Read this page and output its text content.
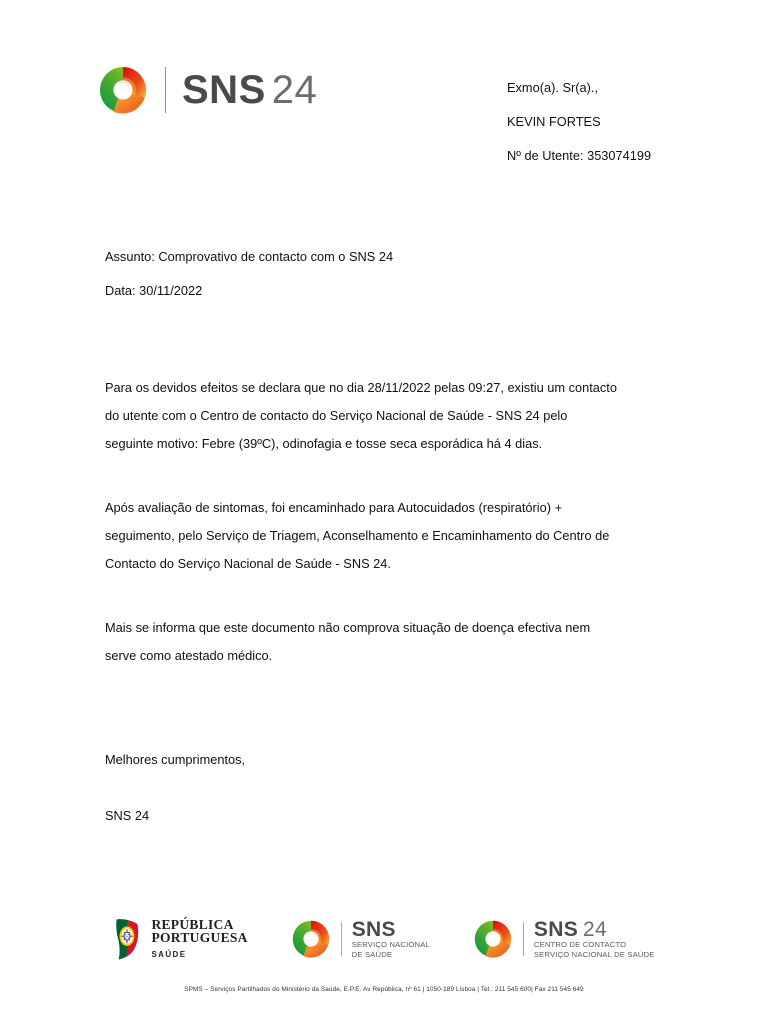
SNS 24	Exmo(a). Sr(a).,
KEVIN FORTES
Nº de Utente: 353074199
Assunto: Comprovativo de contacto com o SNS 24
Data: 30/11/2022

Para os devidos efeitos se declara que no dia 28/11/2022 pelas 09:27, existiu um contacto
do utente com o Centro de contacto do Serviço Nacional de Saúde - SNS 24 pelo
seguinte motivo: Febre (39ºC), odinofagia e tosse seca esporádica há 4 dias.

Após avaliação de sintomas, foi encaminhado para Autocuidados (respiratório) +
seguimento, pelo Serviço de Triagem, Aconselhamento e Encaminhamento do Centro de
Contacto do Serviço Nacional de Saúde - SNS 24.

Mais se informa que este documento não comprova situação de doença efectiva nem
serve como atestado médico.

Melhores cumprimentos,

SNS 24

REPÚBLICA
PORTUGUESA
SAÚDE
SNS
SERVIÇO NACIONAL
DE SAÚDE
SNS 24
CENTRO DE CONTACTO
SERVIÇO NACIONAL DE SAÚDE
SPMS – Serviços Partilhados do Ministério da Saúde, E.P.E. Av República, nº 61 | 1050-189 Lisboa | Tel.: 211 545 600| Fax 211 545 649
